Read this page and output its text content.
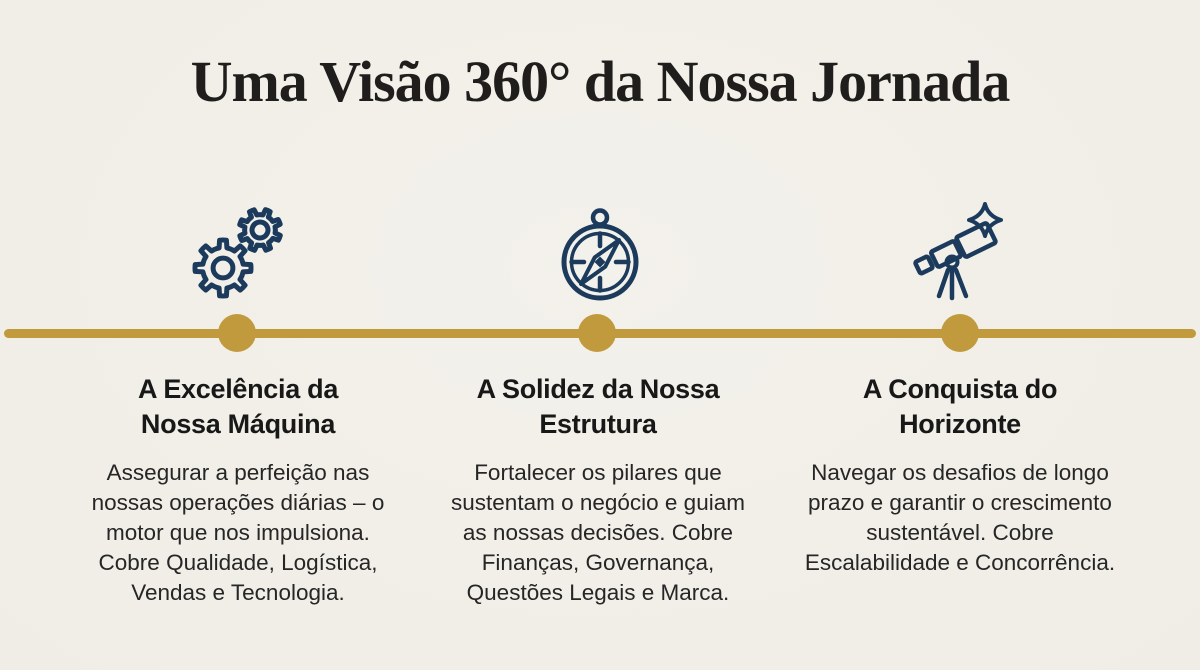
Uma Visão 360° da Nossa Jornada
A Excelência da Nossa Máquina

Assegurar a perfeição nas nossas operações diárias – o motor que nos impulsiona. Cobre Qualidade, Logística, Vendas e Tecnologia.

A Solidez da Nossa Estrutura

Fortalecer os pilares que sustentam o negócio e guiam as nossas decisões. Cobre Finanças, Governança, Questões Legais e Marca.

A Conquista do Horizonte

Navegar os desafios de longo prazo e garantir o crescimento sustentável. Cobre Escalabilidade e Concorrência.
